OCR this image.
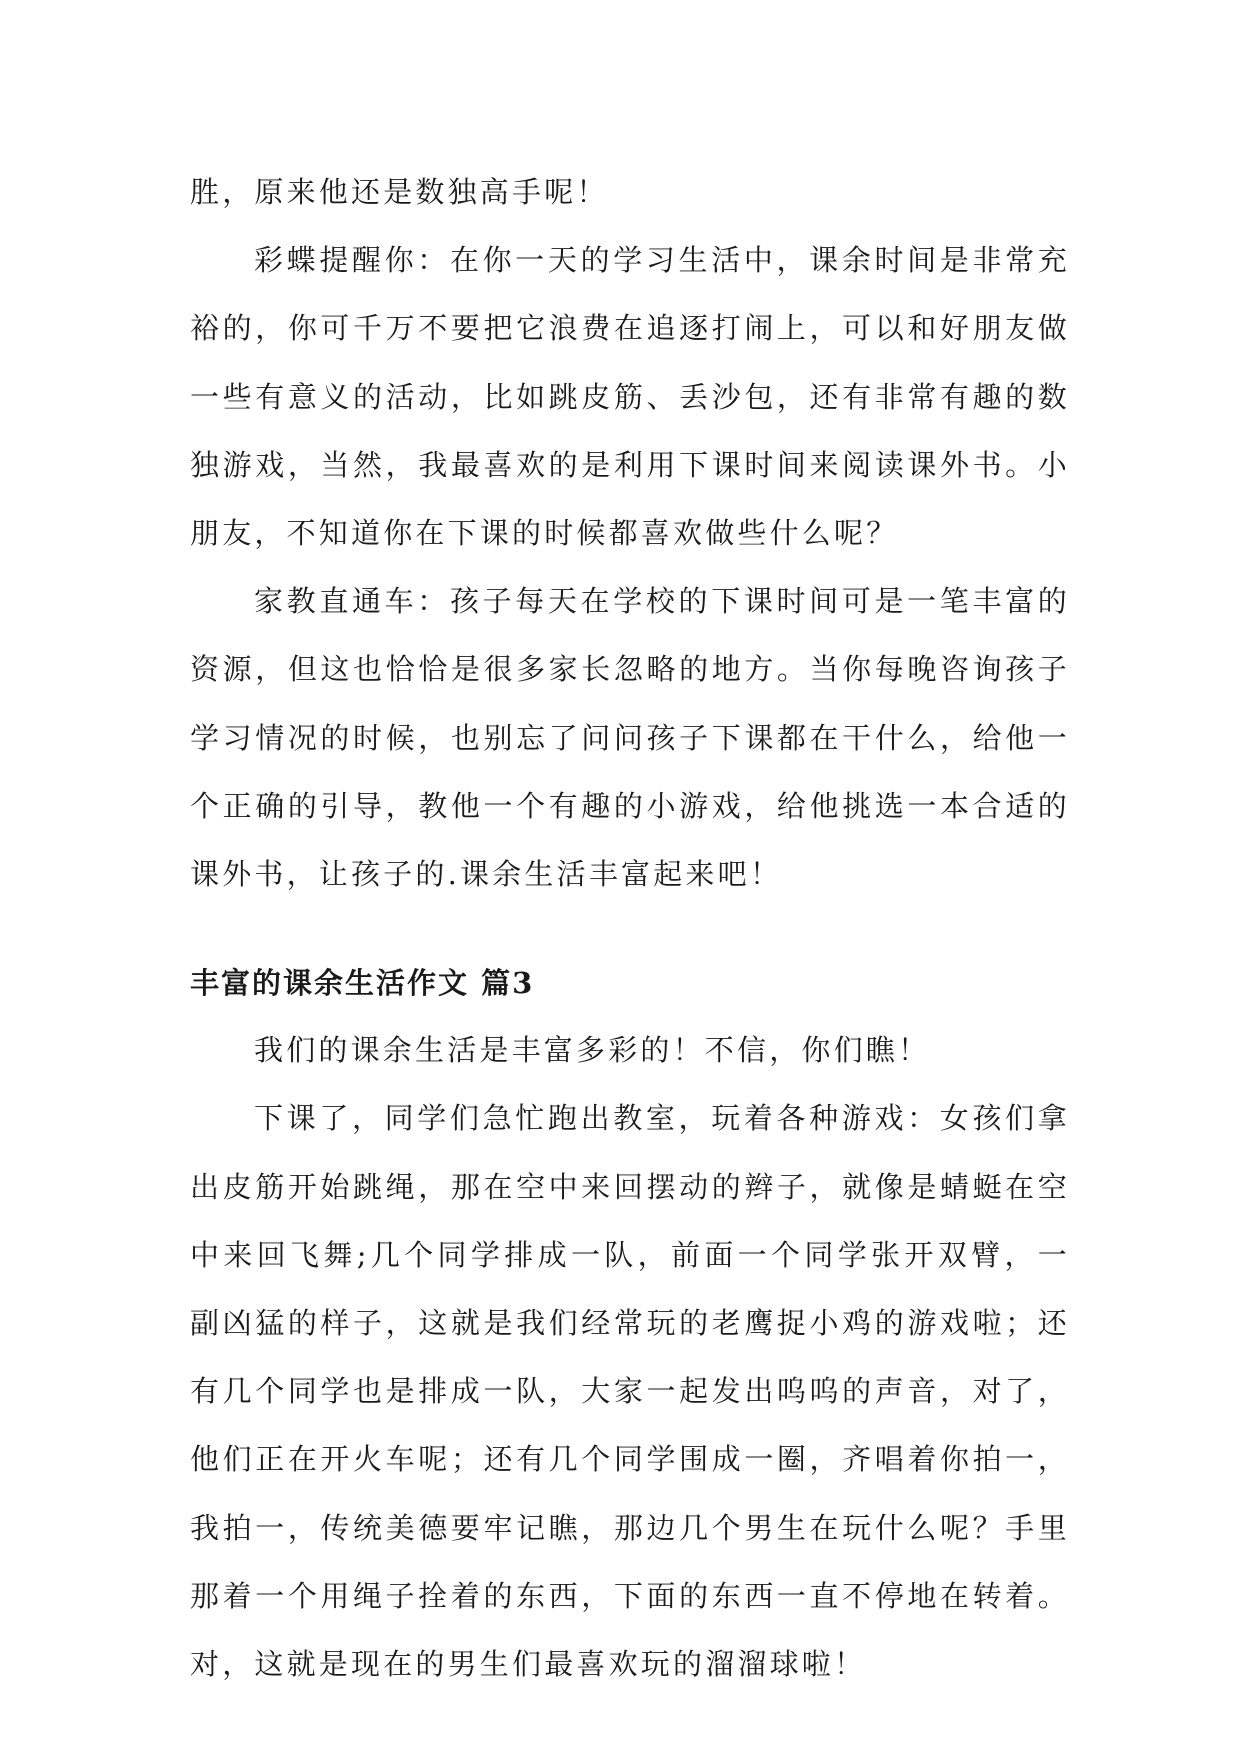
胜，原来他还是数独高手呢！

彩蝶提醒你：在你一天的学习生活中，课余时间是非常充裕的，你可千万不要把它浪费在追逐打闹上，可以和好朋友做一些有意义的活动，比如跳皮筋、丢沙包，还有非常有趣的数独游戏，当然，我最喜欢的是利用下课时间来阅读课外书。小朋友，不知道你在下课的时候都喜欢做些什么呢？

家教直通车：孩子每天在学校的下课时间可是一笔丰富的资源，但这也恰恰是很多家长忽略的地方。当你每晚咨询孩子学习情况的时候，也别忘了问问孩子下课都在干什么，给他一个正确的引导，教他一个有趣的小游戏，给他挑选一本合适的课外书，让孩子的.课余生活丰富起来吧！

丰富的课余生活作文 篇3

我们的课余生活是丰富多彩的！不信，你们瞧！

下课了，同学们急忙跑出教室，玩着各种游戏：女孩们拿出皮筋开始跳绳，那在空中来回摆动的辫子，就像是蜻蜓在空中来回飞舞;几个同学排成一队，前面一个同学张开双臂，一副凶猛的样子，这就是我们经常玩的老鹰捉小鸡的游戏啦；还有几个同学也是排成一队，大家一起发出呜呜的声音，对了，他们正在开火车呢；还有几个同学围成一圈，齐唱着你拍一，我拍一，传统美德要牢记瞧，那边几个男生在玩什么呢？手里那着一个用绳子拴着的东西，下面的东西一直不停地在转着。对，这就是现在的男生们最喜欢玩的溜溜球啦！
